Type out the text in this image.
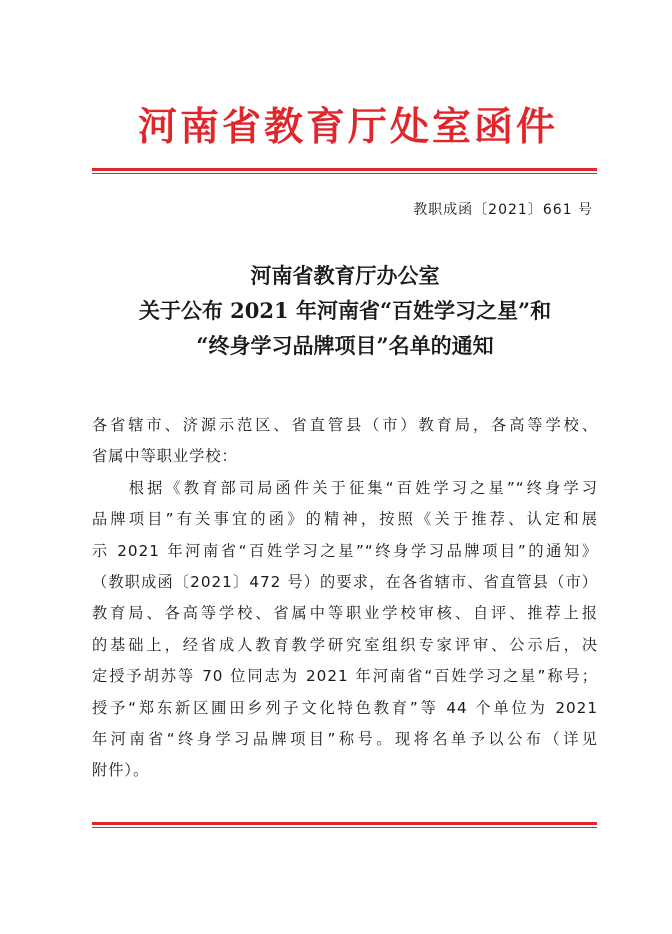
河南省教育厅处室函件
教职成函〔2021〕661 号
河南省教育厅办公室
关于公布 2021 年河南省“百姓学习之星”和
“终身学习品牌项目”名单的通知
各省辖市、济源示范区、省直管县（市）教育局，各高等学校、
省属中等职业学校：
　　根据《教育部司局函件关于征集“百姓学习之星”“终身学习
品牌项目”有关事宜的函》的精神，按照《关于推荐、认定和展
示 2021 年河南省“百姓学习之星”“终身学习品牌项目”的通知》
（教职成函〔2021〕472 号）的要求，在各省辖市、省直管县（市）
教育局、各高等学校、省属中等职业学校审核、自评、推荐上报
的基础上，经省成人教育教学研究室组织专家评审、公示后，决
定授予胡苏等 70 位同志为 2021 年河南省“百姓学习之星”称号；
授予“郑东新区圃田乡列子文化特色教育”等 44 个单位为 2021
年河南省“终身学习品牌项目”称号。现将名单予以公布（详见
附件）。
